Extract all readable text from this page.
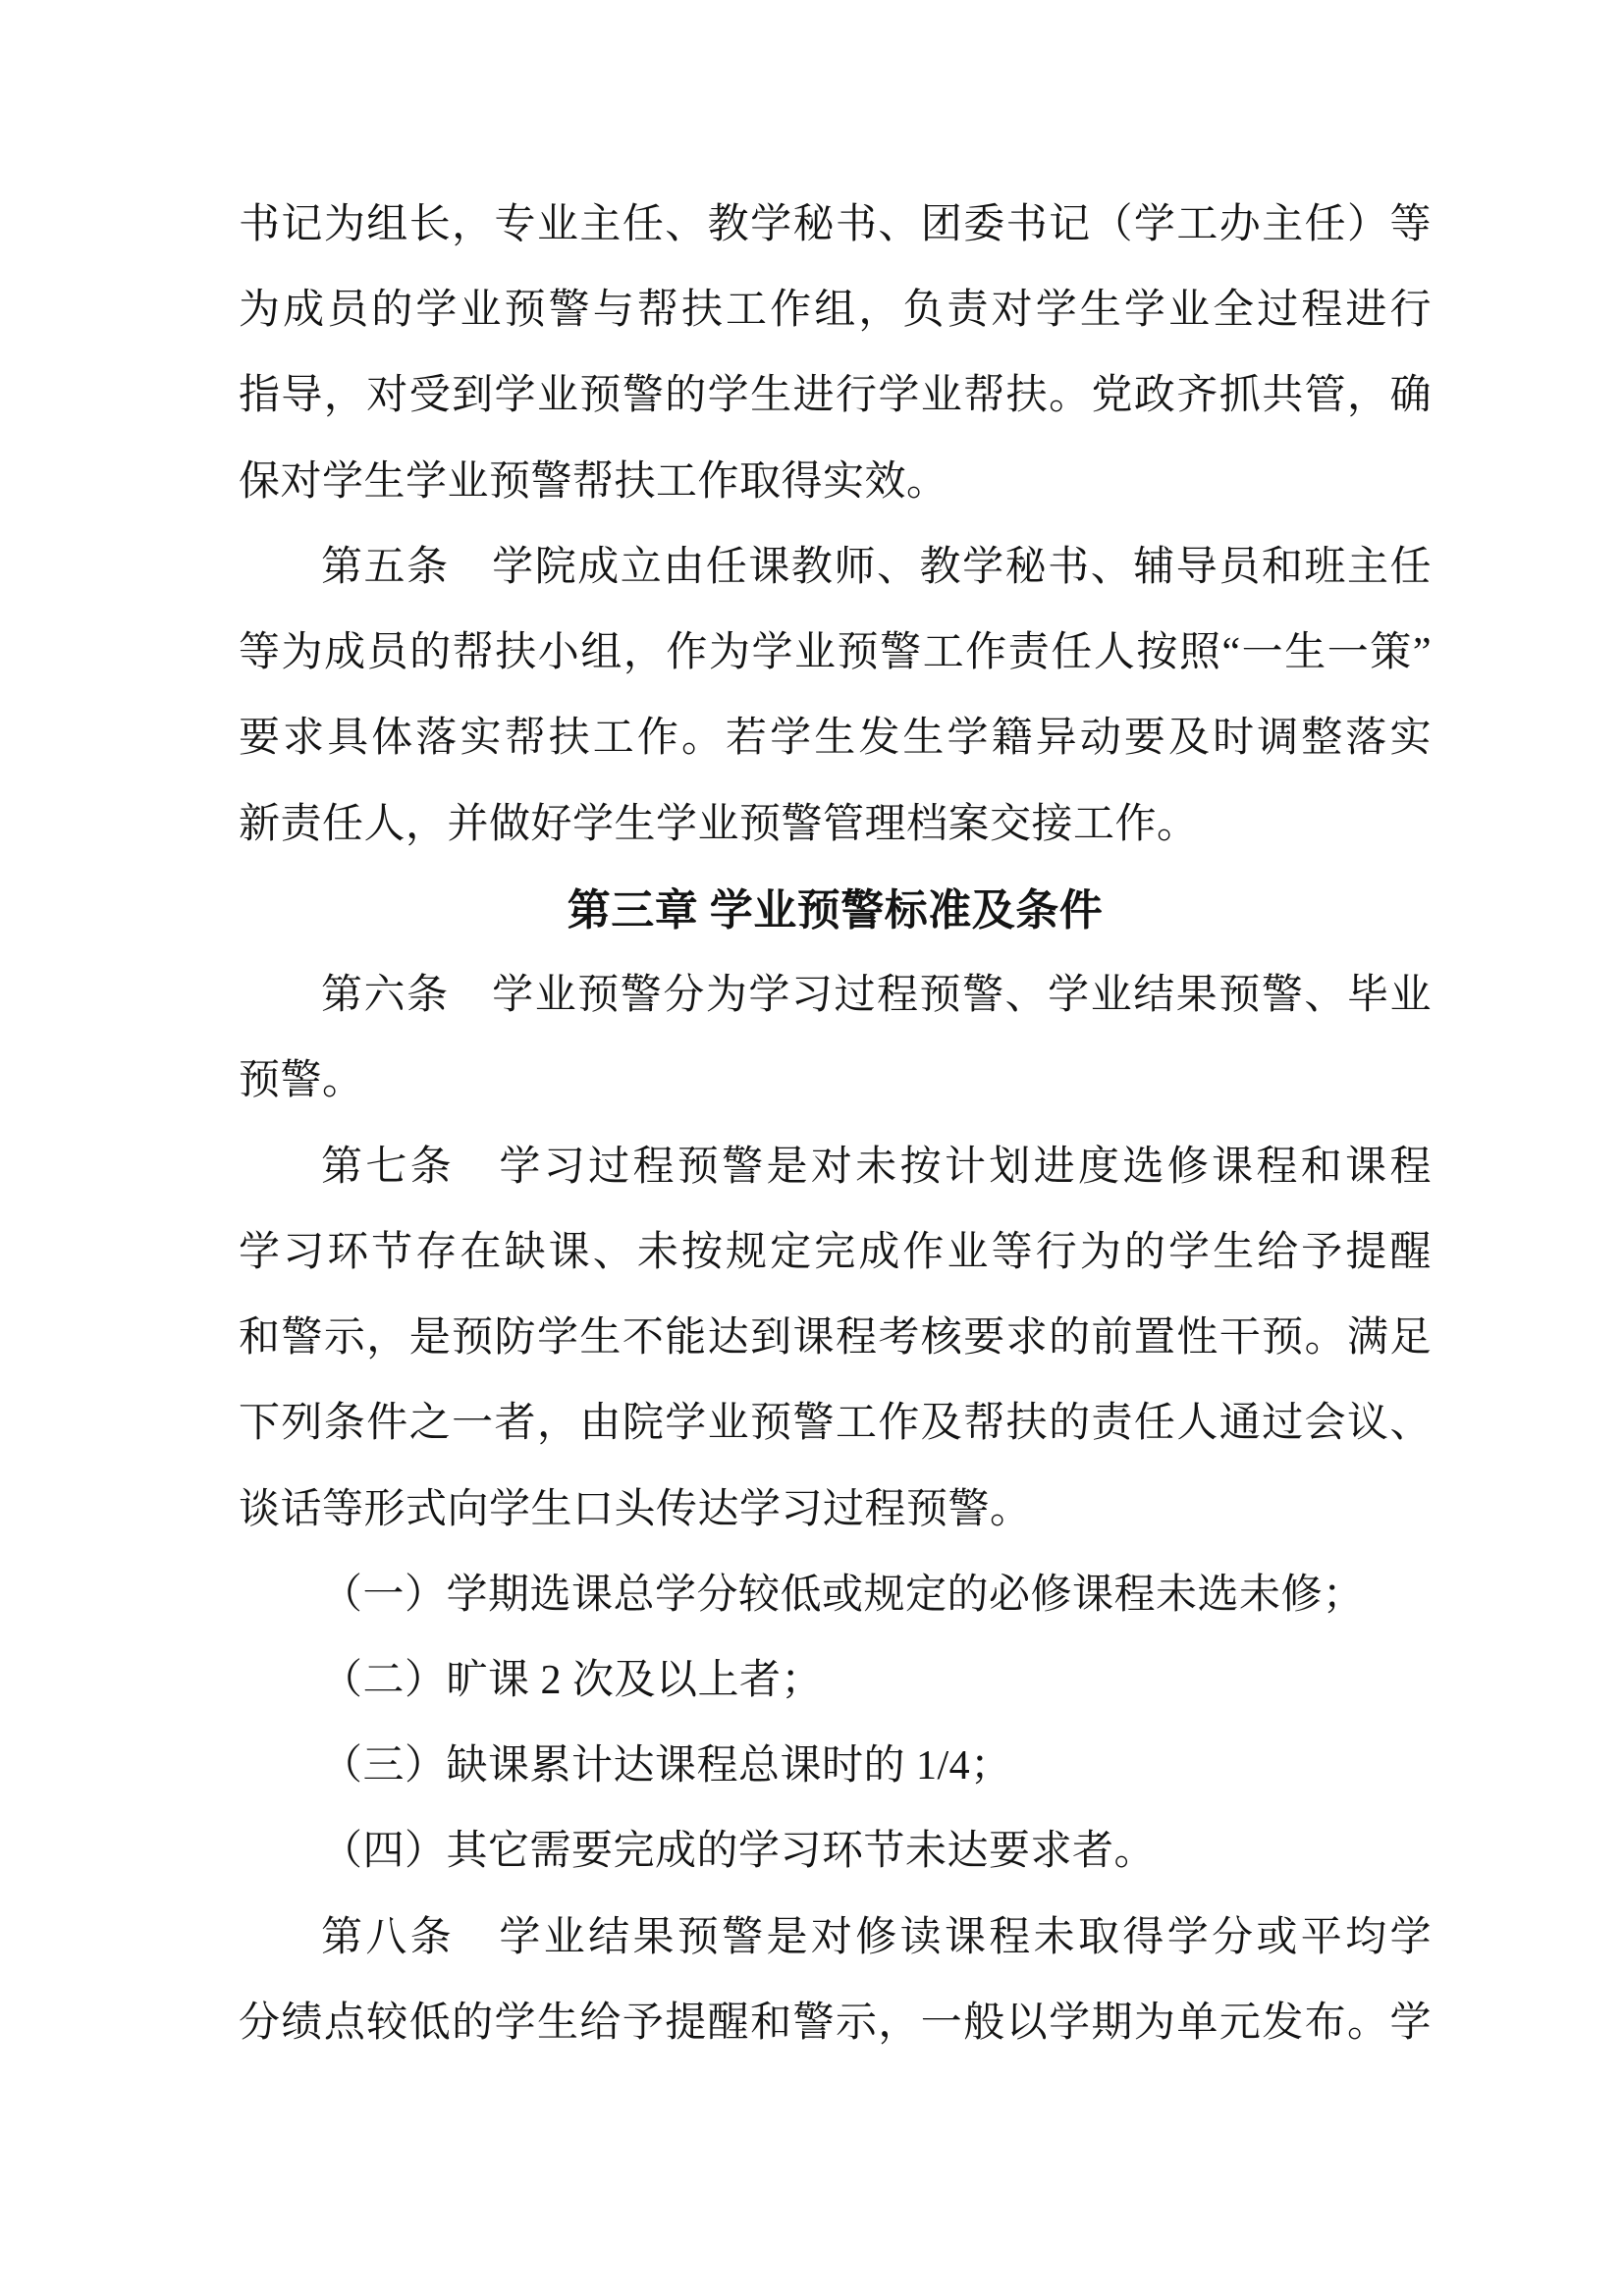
书记为组长，专业主任、教学秘书、团委书记（学工办主任）等
为成员的学业预警与帮扶工作组，负责对学生学业全过程进行
指导，对受到学业预警的学生进行学业帮扶。党政齐抓共管，确
保对学生学业预警帮扶工作取得实效。
第五条　学院成立由任课教师、教学秘书、辅导员和班主任
等为成员的帮扶小组，作为学业预警工作责任人按照“一生一策”
要求具体落实帮扶工作。若学生发生学籍异动要及时调整落实
新责任人，并做好学生学业预警管理档案交接工作。
第三章 学业预警标准及条件
第六条　学业预警分为学习过程预警、学业结果预警、毕业
预警。
第七条　学习过程预警是对未按计划进度选修课程和课程
学习环节存在缺课、未按规定完成作业等行为的学生给予提醒
和警示，是预防学生不能达到课程考核要求的前置性干预。满足
下列条件之一者，由院学业预警工作及帮扶的责任人通过会议、
谈话等形式向学生口头传达学习过程预警。
（一）学期选课总学分较低或规定的必修课程未选未修；
（二）旷课 2 次及以上者；
（三）缺课累计达课程总课时的 1/4；
（四）其它需要完成的学习环节未达要求者。
第八条　学业结果预警是对修读课程未取得学分或平均学
分绩点较低的学生给予提醒和警示，一般以学期为单元发布。学
